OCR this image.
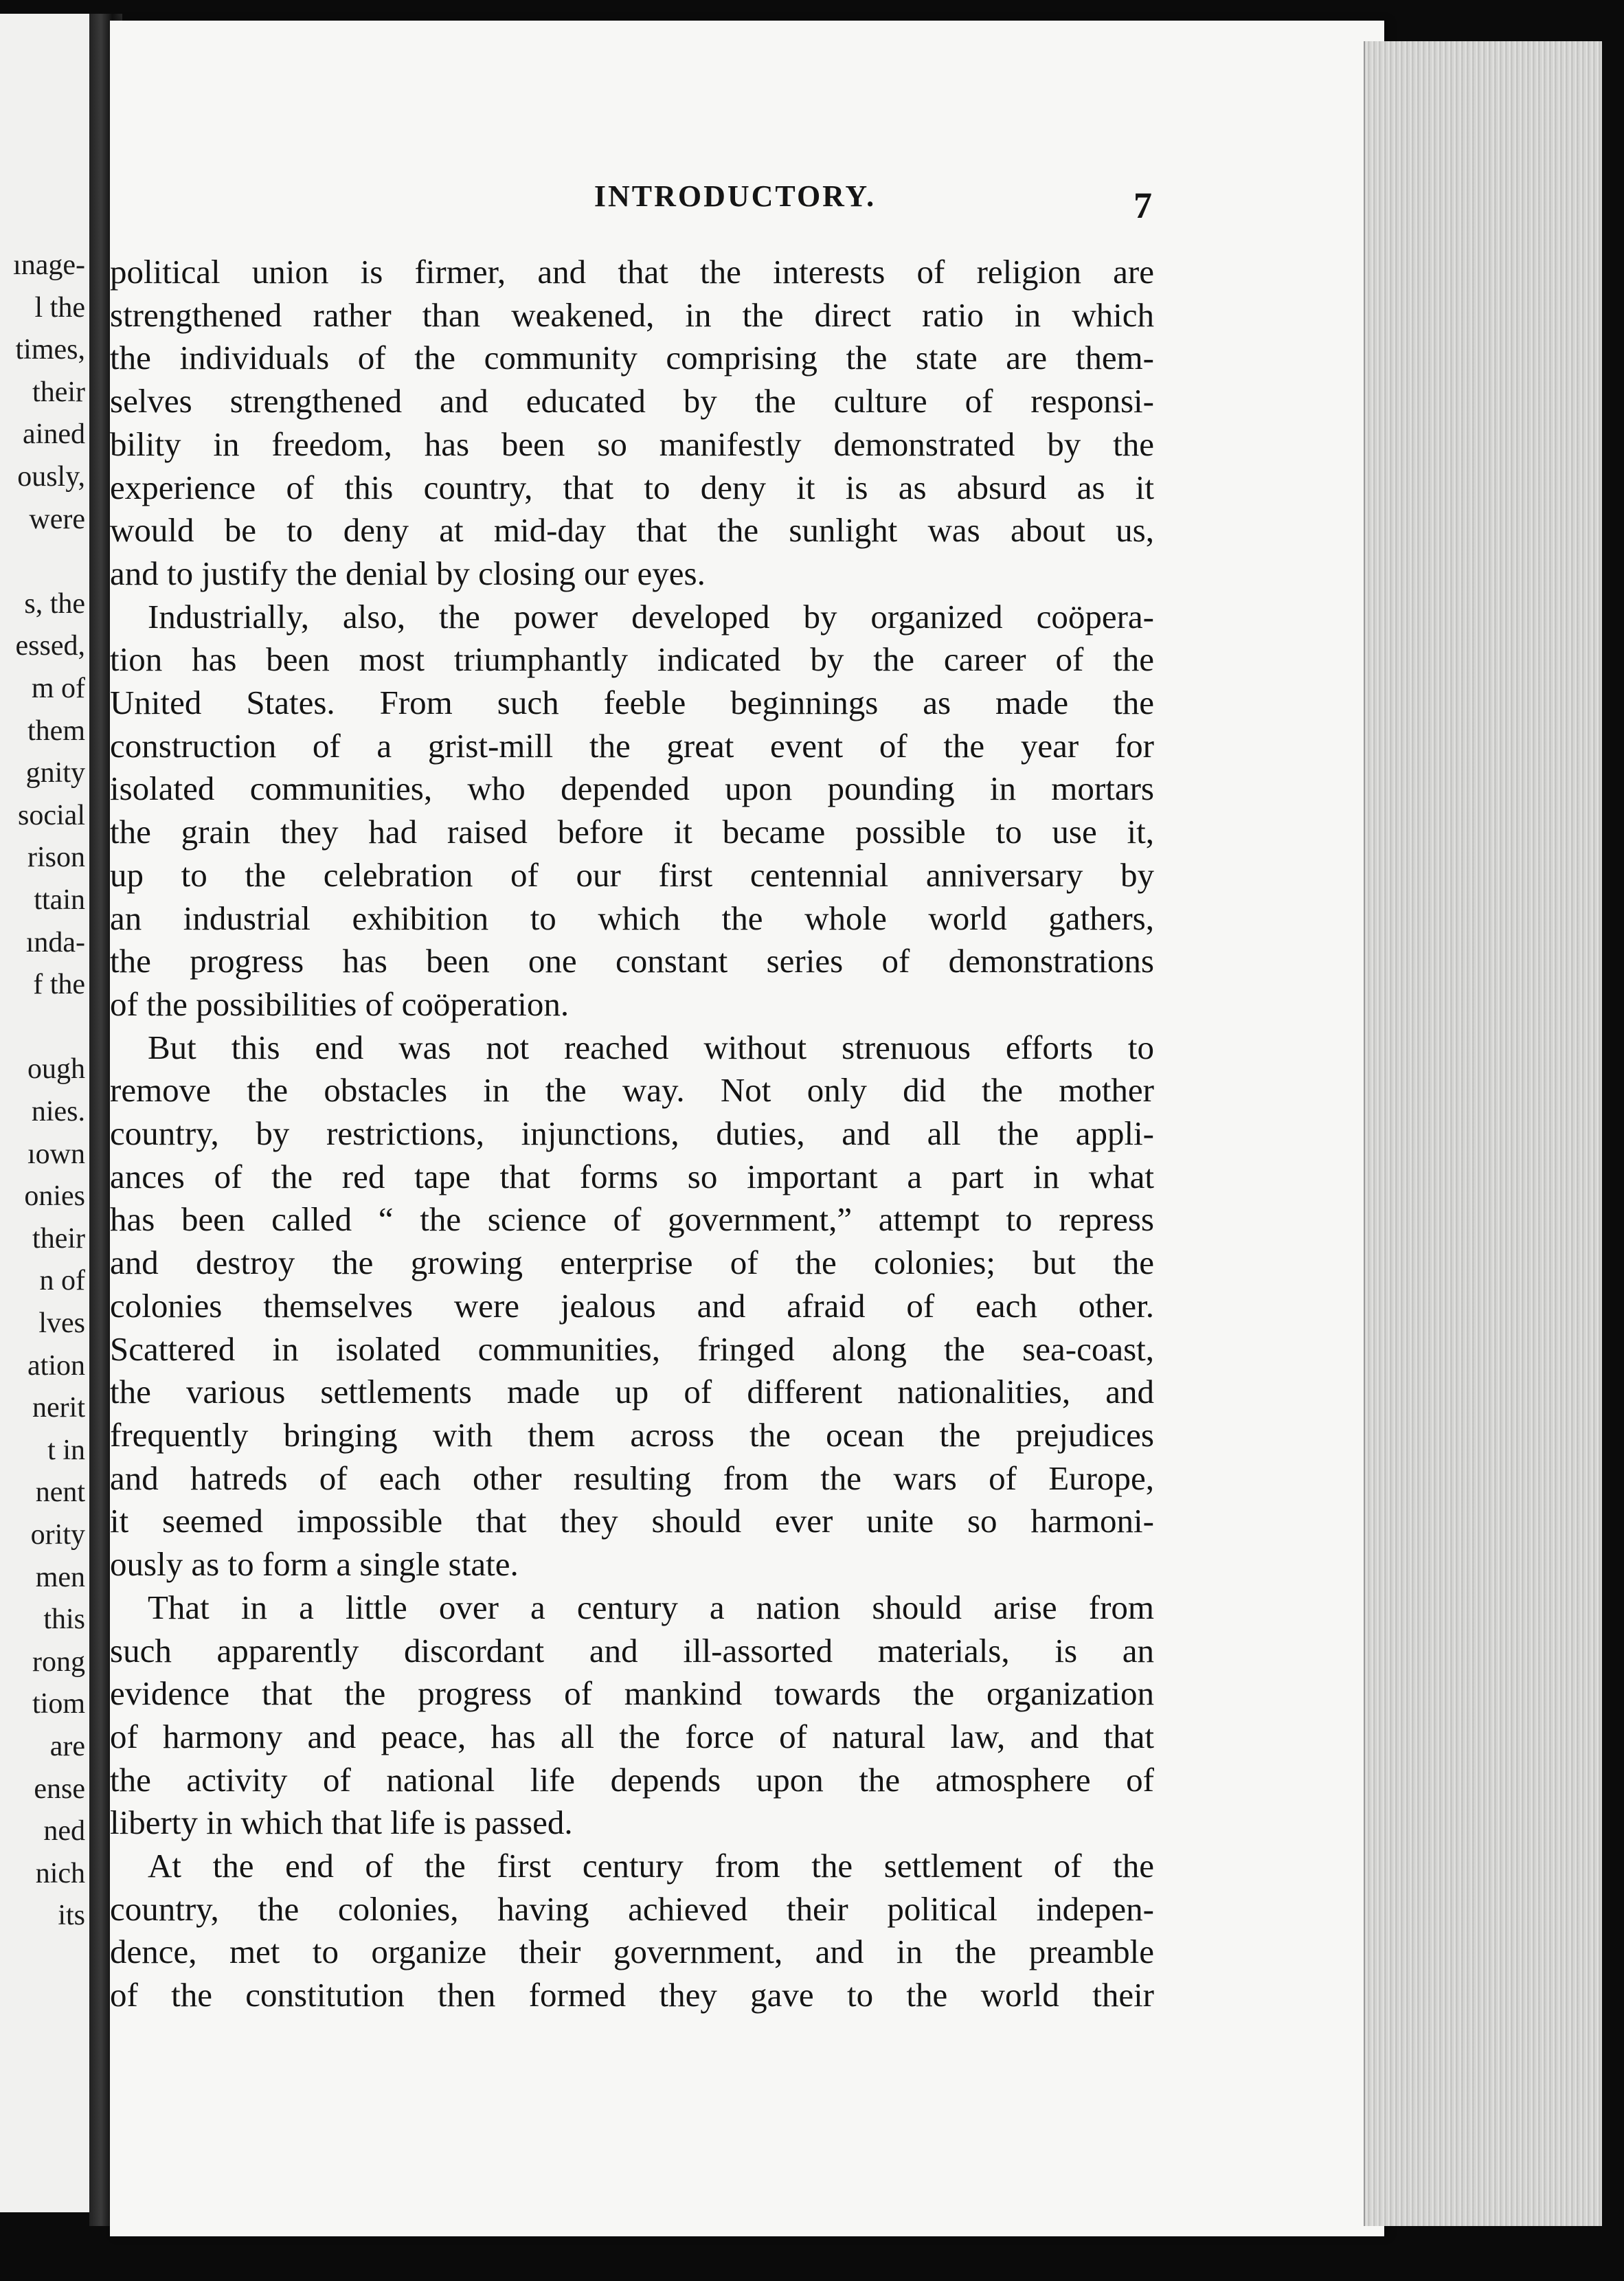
ınage-
l the
times,
their
ained
ously,
were
s, the
essed,
m of
them
gnity
social
rison
ttain
ında-
f the
ough
nies.
ıown
onies
their
n of
lves
ation
nerit
t in
nent
ority
men
this
rong
tiom
are
ense
ned
nich
its
INTRODUCTORY.	7
political union is firmer, and that the interests of religion are
strengthened rather than weakened, in the direct ratio in which
the individuals of the community comprising the state are them-
selves strengthened and educated by the culture of responsi-
bility in freedom, has been so manifestly demonstrated by the
experience of this country, that to deny it is as absurd as it
would be to deny at mid-day that the sunlight was about us,
and to justify the denial by closing our eyes.
Industrially, also, the power developed by organized coöpera-
tion has been most triumphantly indicated by the career of the
United States. From such feeble beginnings as made the
construction of a grist-mill the great event of the year for
isolated communities, who depended upon pounding in mortars
the grain they had raised before it became possible to use it,
up to the celebration of our first centennial anniversary by
an industrial exhibition to which the whole world gathers,
the progress has been one constant series of demonstrations
of the possibilities of coöperation.
But this end was not reached without strenuous efforts to
remove the obstacles in the way. Not only did the mother
country, by restrictions, injunctions, duties, and all the appli-
ances of the red tape that forms so important a part in what
has been called “ the science of government,” attempt to repress
and destroy the growing enterprise of the colonies; but the
colonies themselves were jealous and afraid of each other.
Scattered in isolated communities, fringed along the sea-coast,
the various settlements made up of different nationalities, and
frequently bringing with them across the ocean the prejudices
and hatreds of each other resulting from the wars of Europe,
it seemed impossible that they should ever unite so harmoni-
ously as to form a single state.
That in a little over a century a nation should arise from
such apparently discordant and ill-assorted materials, is an
evidence that the progress of mankind towards the organization
of harmony and peace, has all the force of natural law, and that
the activity of national life depends upon the atmosphere of
liberty in which that life is passed.
At the end of the first century from the settlement of the
country, the colonies, having achieved their political indepen-
dence, met to organize their government, and in the preamble
of the constitution then formed they gave to the world their
